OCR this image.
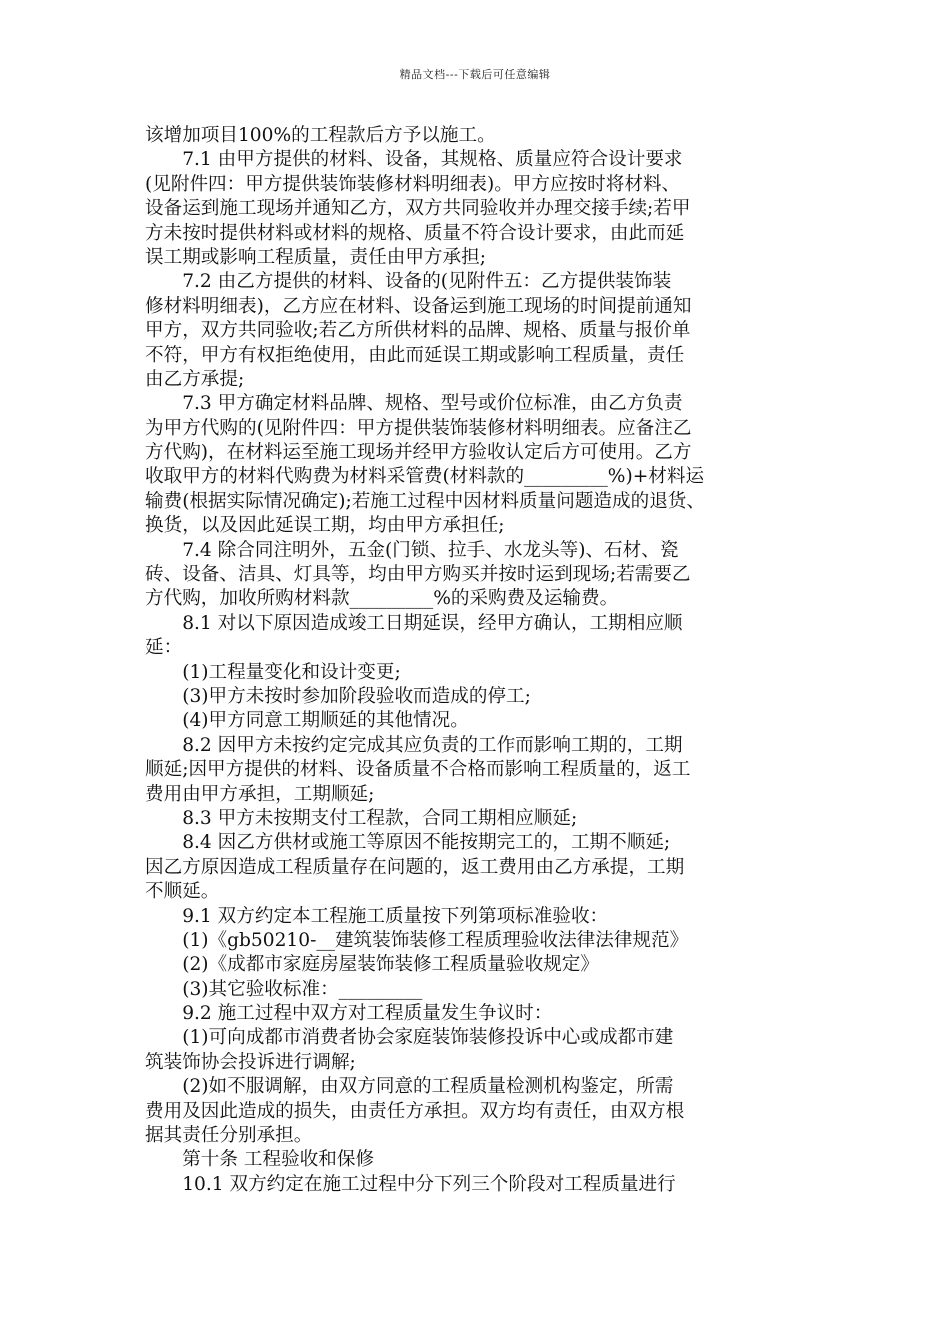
精品文档---下载后可任意编辑
该增加项目100%的工程款后方予以施工。
　　7.1 由甲方提供的材料、设备，其规格、质量应符合设计要求
(见附件四：甲方提供装饰装修材料明细表)。甲方应按时将材料、
设备运到施工现场并通知乙方，双方共同验收并办理交接手续;若甲
方未按时提供材料或材料的规格、质量不符合设计要求，由此而延
误工期或影响工程质量，责任由甲方承担;
　　7.2 由乙方提供的材料、设备的(见附件五：乙方提供装饰装
修材料明细表)，乙方应在材料、设备运到施工现场的时间提前通知
甲方，双方共同验收;若乙方所供材料的品牌、规格、质量与报价单
不符，甲方有权拒绝使用，由此而延误工期或影响工程质量，责任
由乙方承提;
　　7.3 甲方确定材料品牌、规格、型号或价位标准，由乙方负责
为甲方代购的(见附件四：甲方提供装饰装修材料明细表。应备注乙
方代购)，在材料运至施工现场并经甲方验收认定后方可使用。乙方
收取甲方的材料代购费为材料采管费(材料款的_________%)+材料运
输费(根据实际情况确定);若施工过程中因材料质量问题造成的退货、
换货，以及因此延误工期，均由甲方承担任;
　　7.4 除合同注明外，五金(门锁、拉手、水龙头等)、石材、瓷
砖、设备、洁具、灯具等，均由甲方购买并按时运到现场;若需要乙
方代购，加收所购材料款_________%的采购费及运输费。
　　8.1 对以下原因造成竣工日期延误，经甲方确认，工期相应顺
延：
　　(1)工程量变化和设计变更;
　　(3)甲方未按时参加阶段验收而造成的停工;
　　(4)甲方同意工期顺延的其他情况。
　　8.2 因甲方未按约定完成其应负责的工作而影响工期的，工期
顺延;因甲方提供的材料、设备质量不合格而影响工程质量的，返工
费用由甲方承担，工期顺延;
　　8.3 甲方未按期支付工程款，合同工期相应顺延;
　　8.4 因乙方供材或施工等原因不能按期完工的，工期不顺延;
因乙方原因造成工程质量存在问题的，返工费用由乙方承提，工期
不顺延。
　　9.1 双方约定本工程施工质量按下列第项标准验收：
　　(1)《gb50210-__建筑装饰装修工程质理验收法律法律规范》
　　(2)《成都市家庭房屋装饰装修工程质量验收规定》
　　(3)其它验收标准：_________
　　9.2 施工过程中双方对工程质量发生争议时：
　　(1)可向成都市消费者协会家庭装饰装修投诉中心或成都市建
筑装饰协会投诉进行调解;
　　(2)如不服调解，由双方同意的工程质量检测机构鉴定，所需
费用及因此造成的损失，由责任方承担。双方均有责任，由双方根
据其责任分别承担。
　　第十条 工程验收和保修
　　10.1 双方约定在施工过程中分下列三个阶段对工程质量进行
